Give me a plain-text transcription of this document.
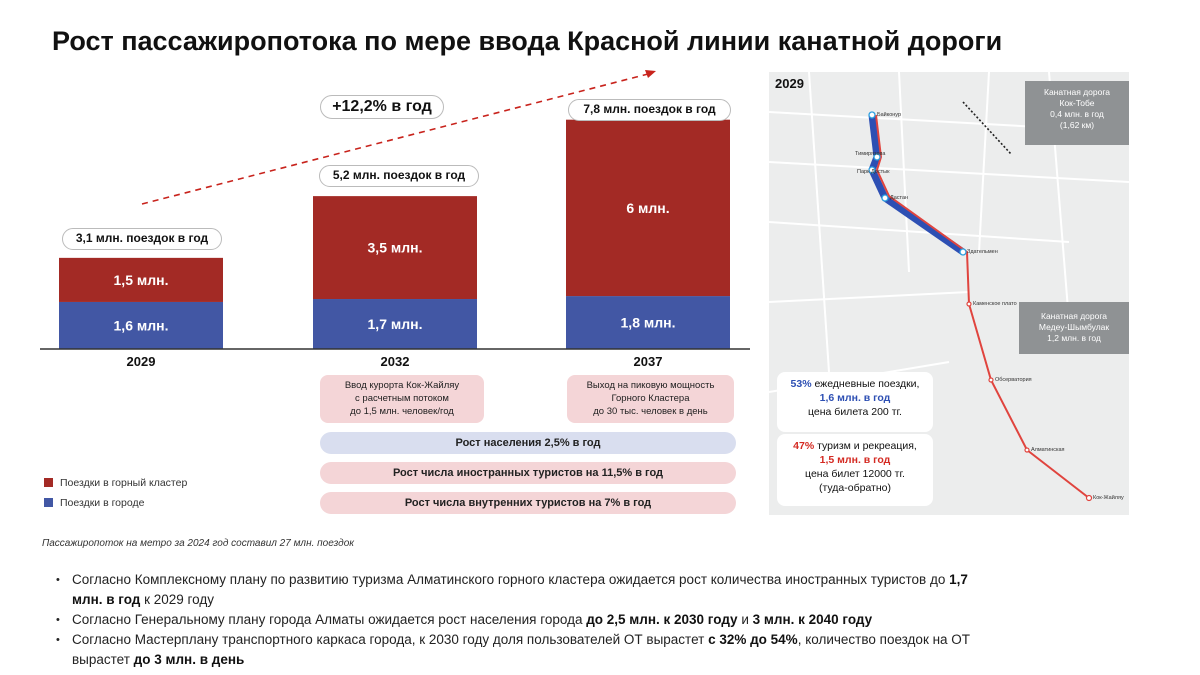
Рост пассажиропотока по мере ввода Красной линии канатной дороги
1,6 млн.
1,5 млн.
1,7 млн.
3,5 млн.
1,8 млн.
6 млн.
2029	2032	2037
+12,2% в год
3,1 млн. поездок в год
5,2 млн. поездок в год
7,8 млн. поездок в год
Ввод курорта Кок-Жайляу
с расчетным потоком
до 1,5 млн. человек/год
Выход на пиковую мощность
Горного Кластера
до 30 тыс. человек в день
Рост населения 2,5% в год
Рост числа иностранных туристов на 11,5% в год
Рост числа внутренних туристов на 7% в год
Поездки в горный кластер
Поездки в городе
Пассажиропоток на метро за 2024 год составил 27 млн. поездок
• Согласно Комплексному плану по развитию туризма Алматинского горного кластера ожидается рост количества иностранных туристов до 1,7 млн. в год к 2029 году
• Согласно Генеральному плану города Алматы ожидается рост населения города до 2,5 млн. к 2030 году и 3 млн. к 2040 году
• Согласно Мастерплану транспортного каркаса города, к 2030 году доля пользователей ОТ вырастет с 32% до 54%, количество поездок на ОТ вырастет до 3 млн. в день
2029
Байконур
Тимирязева
Парк Достык
Дастан
Здательмен
Каменское плато
Обсерватория
Алматинская
Кок-Жайляу
Канатная дорога
Кок-Тобе
0,4 млн. в год
(1,62 км)
Канатная дорога
Медеу-Шымбулак
1,2 млн. в год
53% ежедневные поездки,
1,6 млн. в год
цена билета 200 тг.
47% туризм и рекреация,
1,5 млн. в год
цена билет 12000 тг.
(туда-обратно)
